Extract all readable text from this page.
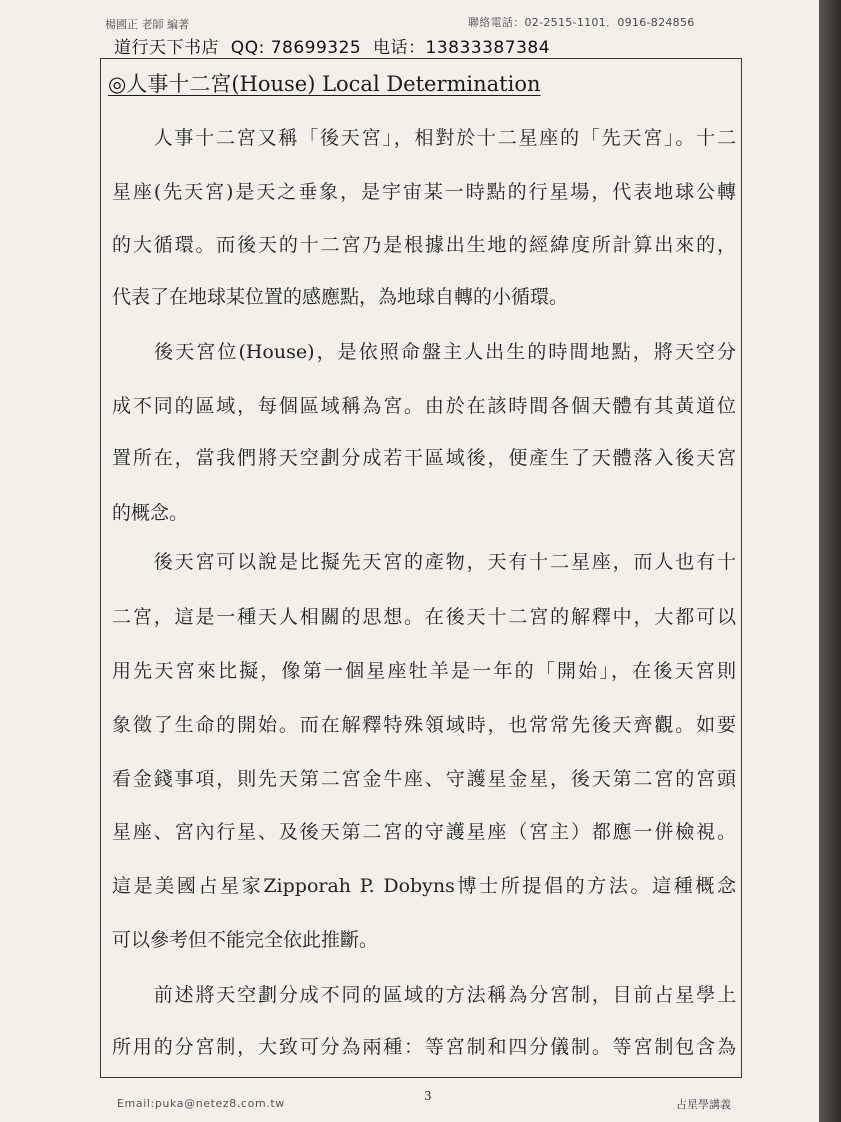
楊國正 老師 編著	聯絡電話：02-2515-1101．0916-824856
道行天下书店  QQ: 78699325  电话：13833387384
◎人事十二宮(House) Local Determination
　　人事十二宮又稱「後天宮」，相對於十二星座的「先天宮」。十二
星座(先天宮)是天之垂象，是宇宙某一時點的行星場，代表地球公轉
的大循環。而後天的十二宮乃是根據出生地的經緯度所計算出來的，
代表了在地球某位置的感應點，為地球自轉的小循環。
　　後天宮位(House)，是依照命盤主人出生的時間地點，將天空分
成不同的區域，每個區域稱為宮。由於在該時間各個天體有其黃道位
置所在，當我們將天空劃分成若干區域後，便產生了天體落入後天宮
的概念。
　　後天宮可以說是比擬先天宮的產物，天有十二星座，而人也有十
二宮，這是一種天人相關的思想。在後天十二宮的解釋中，大都可以
用先天宮來比擬，像第一個星座牡羊是一年的「開始」，在後天宮則
象徵了生命的開始。而在解釋特殊領域時，也常常先後天齊觀。如要
看金錢事項，則先天第二宮金牛座、守護星金星，後天第二宮的宮頭
星座、宮內行星、及後天第二宮的守護星座（宮主）都應一併檢視。
這是美國占星家Zipporah P. Dobyns博士所提倡的方法。這種概念
可以參考但不能完全依此推斷。
　　前述將天空劃分成不同的區域的方法稱為分宮制，目前占星學上
所用的分宮制，大致可分為兩種：等宮制和四分儀制。等宮制包含為
Email:puka@netez8.com.tw
3
占星學講義
